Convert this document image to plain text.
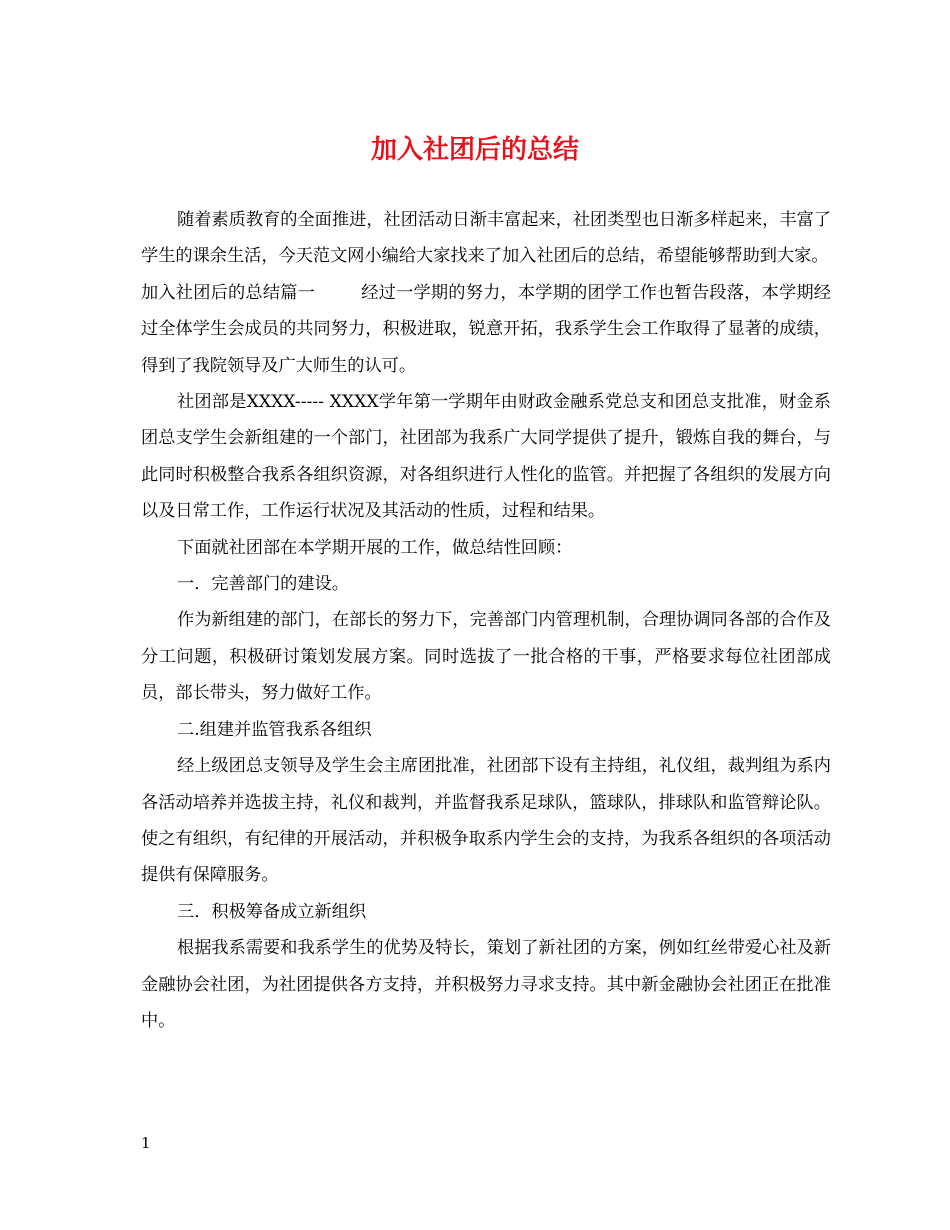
加入社团后的总结

随着素质教育的全面推进，社团活动日渐丰富起来，社团类型也日渐多样起来，丰富了学生的课余生活，今天范文网小编给大家找来了加入社团后的总结，希望能够帮助到大家。

加入社团后的总结篇一	经过一学期的努力，本学期的团学工作也暂告段落，本学期经过全体学生会成员的共同努力，积极进取，锐意开拓，我系学生会工作取得了显著的成绩，得到了我院领导及广大师生的认可。

社团部是XXXX----- XXXX学年第一学期年由财政金融系党总支和团总支批准，财金系团总支学生会新组建的一个部门，社团部为我系广大同学提供了提升，锻炼自我的舞台，与此同时积极整合我系各组织资源，对各组织进行人性化的监管。并把握了各组织的发展方向以及日常工作，工作运行状况及其活动的性质，过程和结果。

下面就社团部在本学期开展的工作，做总结性回顾：

一．完善部门的建设。

作为新组建的部门，在部长的努力下，完善部门内管理机制，合理协调同各部的合作及分工问题，积极研讨策划发展方案。同时选拔了一批合格的干事，严格要求每位社团部成员，部长带头，努力做好工作。

二.组建并监管我系各组织

经上级团总支领导及学生会主席团批准，社团部下设有主持组，礼仪组，裁判组为系内各活动培养并选拔主持，礼仪和裁判，并监督我系足球队，篮球队，排球队和监管辩论队。使之有组织，有纪律的开展活动，并积极争取系内学生会的支持，为我系各组织的各项活动提供有保障服务。

三．积极筹备成立新组织

根据我系需要和我系学生的优势及特长，策划了新社团的方案，例如红丝带爱心社及新金融协会社团，为社团提供各方支持，并积极努力寻求支持。其中新金融协会社团正在批准中。

1
